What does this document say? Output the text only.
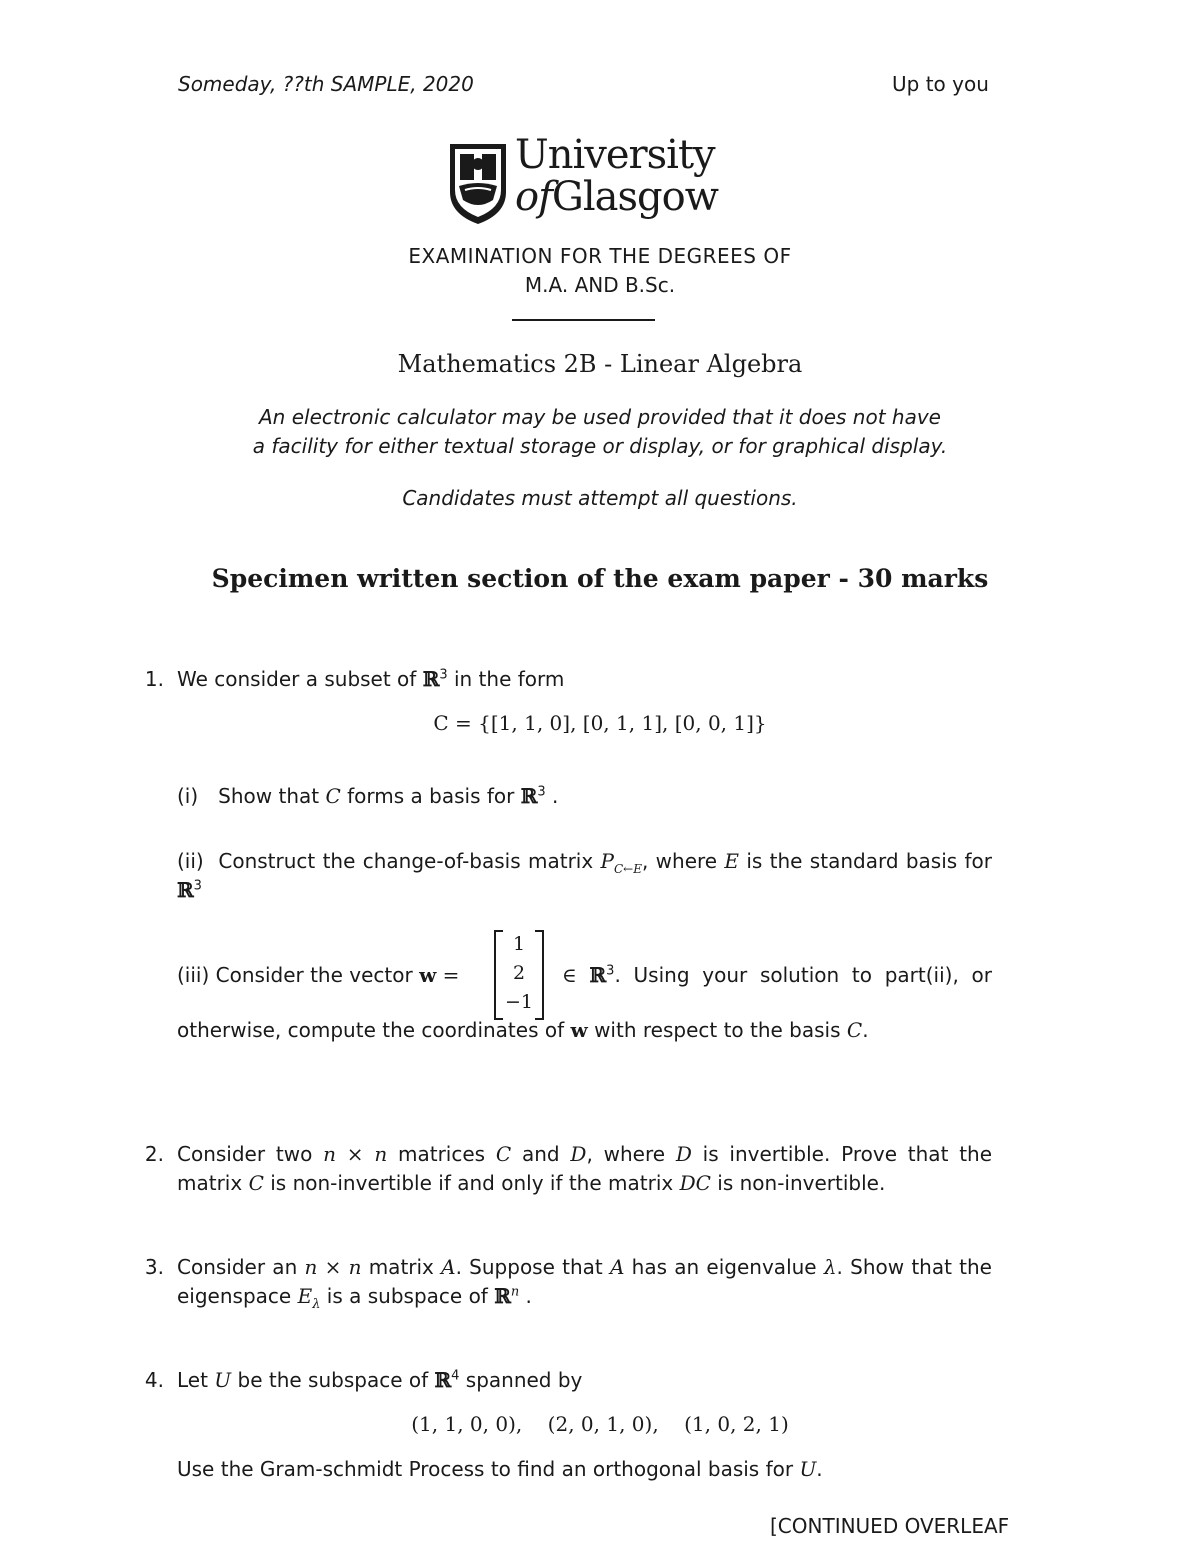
Someday, ??th SAMPLE, 2020	Up to you
University
ofGlasgow
EXAMINATION FOR THE DEGREES OF
M.A. AND B.Sc.
Mathematics 2B - Linear Algebra
An electronic calculator may be used provided that it does not have
a facility for either textual storage or display, or for graphical display.
Candidates must attempt all questions.
Specimen written section of the exam paper - 30 marks
1. We consider a subset of ℝ$^3$ in the form
C = {[1, 1, 0], [0, 1, 1], [0, 0, 1]}
(i) Show that C forms a basis for ℝ$^3$ .
(ii) Construct the change-of-basis matrix $P_{C\leftarrow E}$, where E is the standard basis for
ℝ$^3$
(iii) Consider the vector w =
1
2
−1
∈ ℝ$^3$. Using your solution to part(ii), or
otherwise, compute the coordinates of w with respect to the basis C.
2. Consider two n × n matrices C and D, where D is invertible. Prove that the
matrix C is non-invertible if and only if the matrix DC is non-invertible.
3. Consider an n × n matrix A. Suppose that A has an eigenvalue λ. Show that the
eigenspace $E_\lambda$ is a subspace of ℝ$^n$ .
4. Let U be the subspace of ℝ$^4$ spanned by
(1, 1, 0, 0),    (2, 0, 1, 0),    (1, 0, 2, 1)
Use the Gram-schmidt Process to find an orthogonal basis for U.
[CONTINUED OVERLEAF
